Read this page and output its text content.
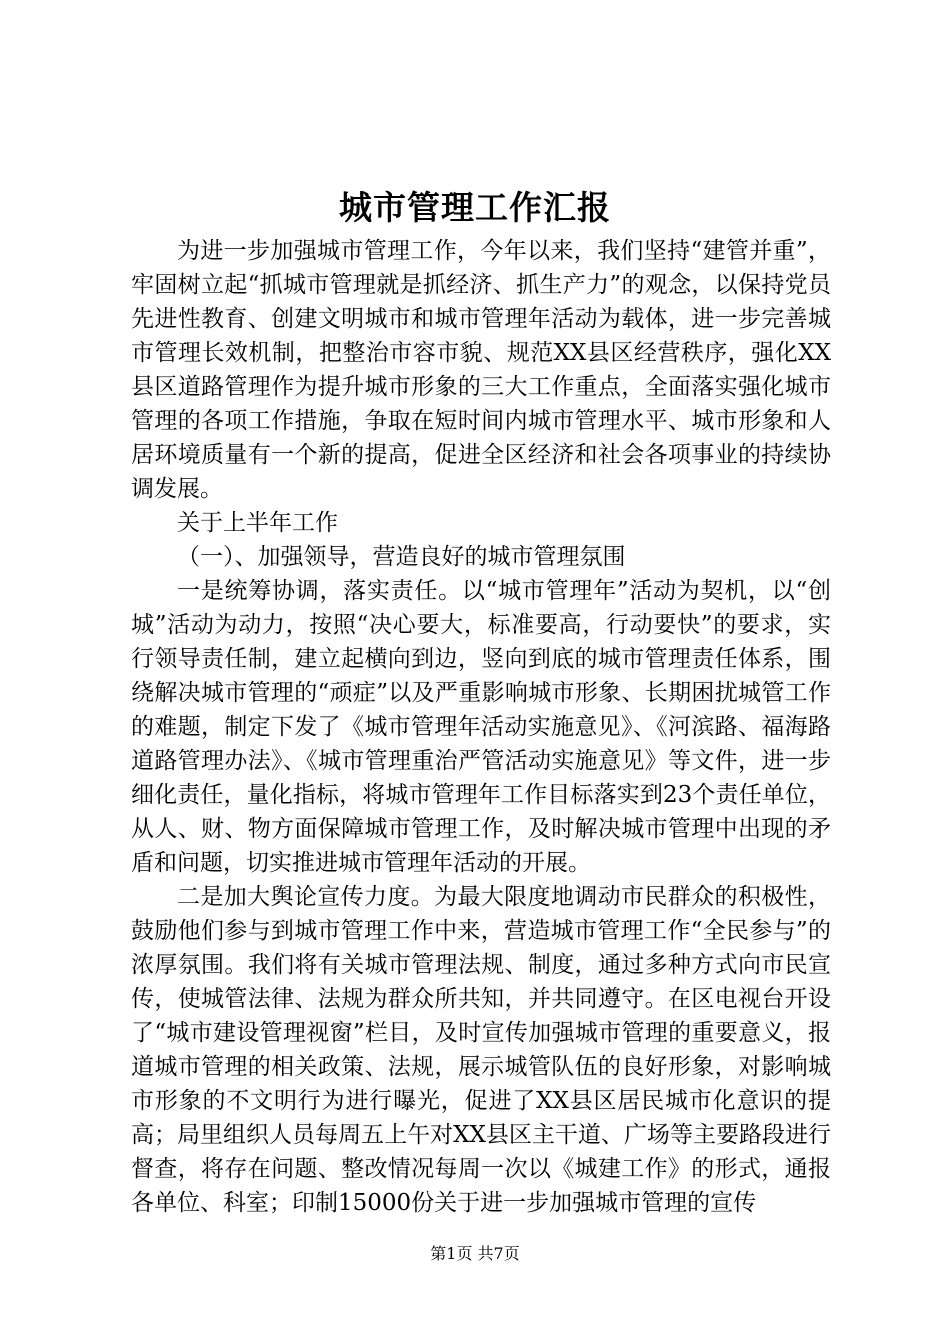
城市管理工作汇报

为进一步加强城市管理工作，今年以来，我们坚持“建管并重”，牢固树立起“抓城市管理就是抓经济、抓生产力”的观念，以保持党员先进性教育、创建文明城市和城市管理年活动为载体，进一步完善城市管理长效机制，把整治市容市貌、规范XX县区经营秩序，强化XX县区道路管理作为提升城市形象的三大工作重点，全面落实强化城市管理的各项工作措施，争取在短时间内城市管理水平、城市形象和人居环境质量有一个新的提高，促进全区经济和社会各项事业的持续协调发展。

关于上半年工作

（一）、加强领导，营造良好的城市管理氛围

一是统筹协调，落实责任。以“城市管理年”活动为契机，以“创城”活动为动力，按照“决心要大，标准要高，行动要快”的要求，实行领导责任制，建立起横向到边，竖向到底的城市管理责任体系，围绕解决城市管理的“顽症”以及严重影响城市形象、长期困扰城管工作的难题，制定下发了《城市管理年活动实施意见》、《河滨路、福海路道路管理办法》、《城市管理重治严管活动实施意见》等文件，进一步细化责任，量化指标，将城市管理年工作目标落实到23个责任单位，从人、财、物方面保障城市管理工作，及时解决城市管理中出现的矛盾和问题，切实推进城市管理年活动的开展。

二是加大舆论宣传力度。为最大限度地调动市民群众的积极性，鼓励他们参与到城市管理工作中来，营造城市管理工作“全民参与”的浓厚氛围。我们将有关城市管理法规、制度，通过多种方式向市民宣传，使城管法律、法规为群众所共知，并共同遵守。在区电视台开设了“城市建设管理视窗”栏目，及时宣传加强城市管理的重要意义，报道城市管理的相关政策、法规，展示城管队伍的良好形象，对影响城市形象的不文明行为进行曝光，促进了XX县区居民城市化意识的提高；局里组织人员每周五上午对XX县区主干道、广场等主要路段进行督查，将存在问题、整改情况每周一次以《城建工作》的形式，通报各单位、科室；印制15000份关于进一步加强城市管理的宣传

第1页 共7页
